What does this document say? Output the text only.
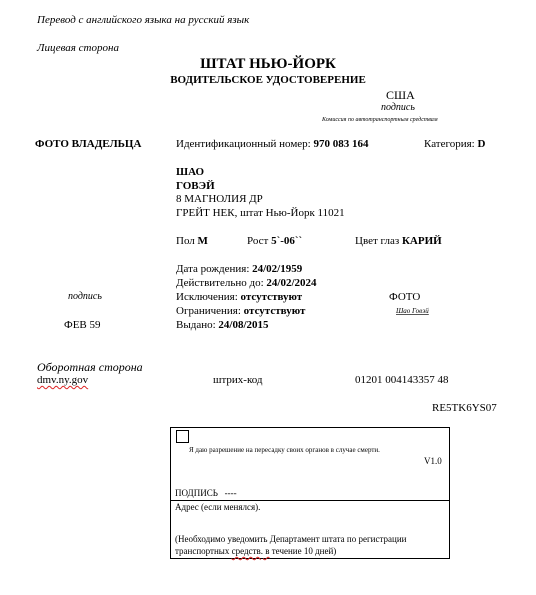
Перевод с английского языка на русский язык
Лицевая сторона
ШТАТ НЬЮ-ЙОРК
ВОДИТЕЛЬСКОЕ УДОСТОВЕРЕНИЕ
США
подпись
Комиссия по автотранспортным средствам
ФОТО ВЛАДЕЛЬЦА	Идентификационный номер: 970 083 164	Категория: D
ШАО
ГОВЭЙ
8 МАГНОЛИЯ ДР
ГРЕЙТ НЕК, штат Нью-Йорк 11021
Пол М	Рост 5`-06``	Цвет глаз КАРИЙ
Дата рождения: 24/02/1959
Действительно до: 24/02/2024
Исключения: отсутствуют
Ограничения: отсутствуют
Выдано: 24/08/2015
подпись
ФЕВ 59
ФОТО
Шао Говэй
Оборотная сторона
dmv.ny.gov	штрих-код	01201 004143357 48
RE5TK6YS07
Я даю разрешение на пересадку своих органов в случае смерти.
V1.0
ПОДПИСЬ   ----
Адрес (если менялся).
(Необходимо уведомить Департамент штата по регистрации
транспортных средств. в течение 10 дней)
